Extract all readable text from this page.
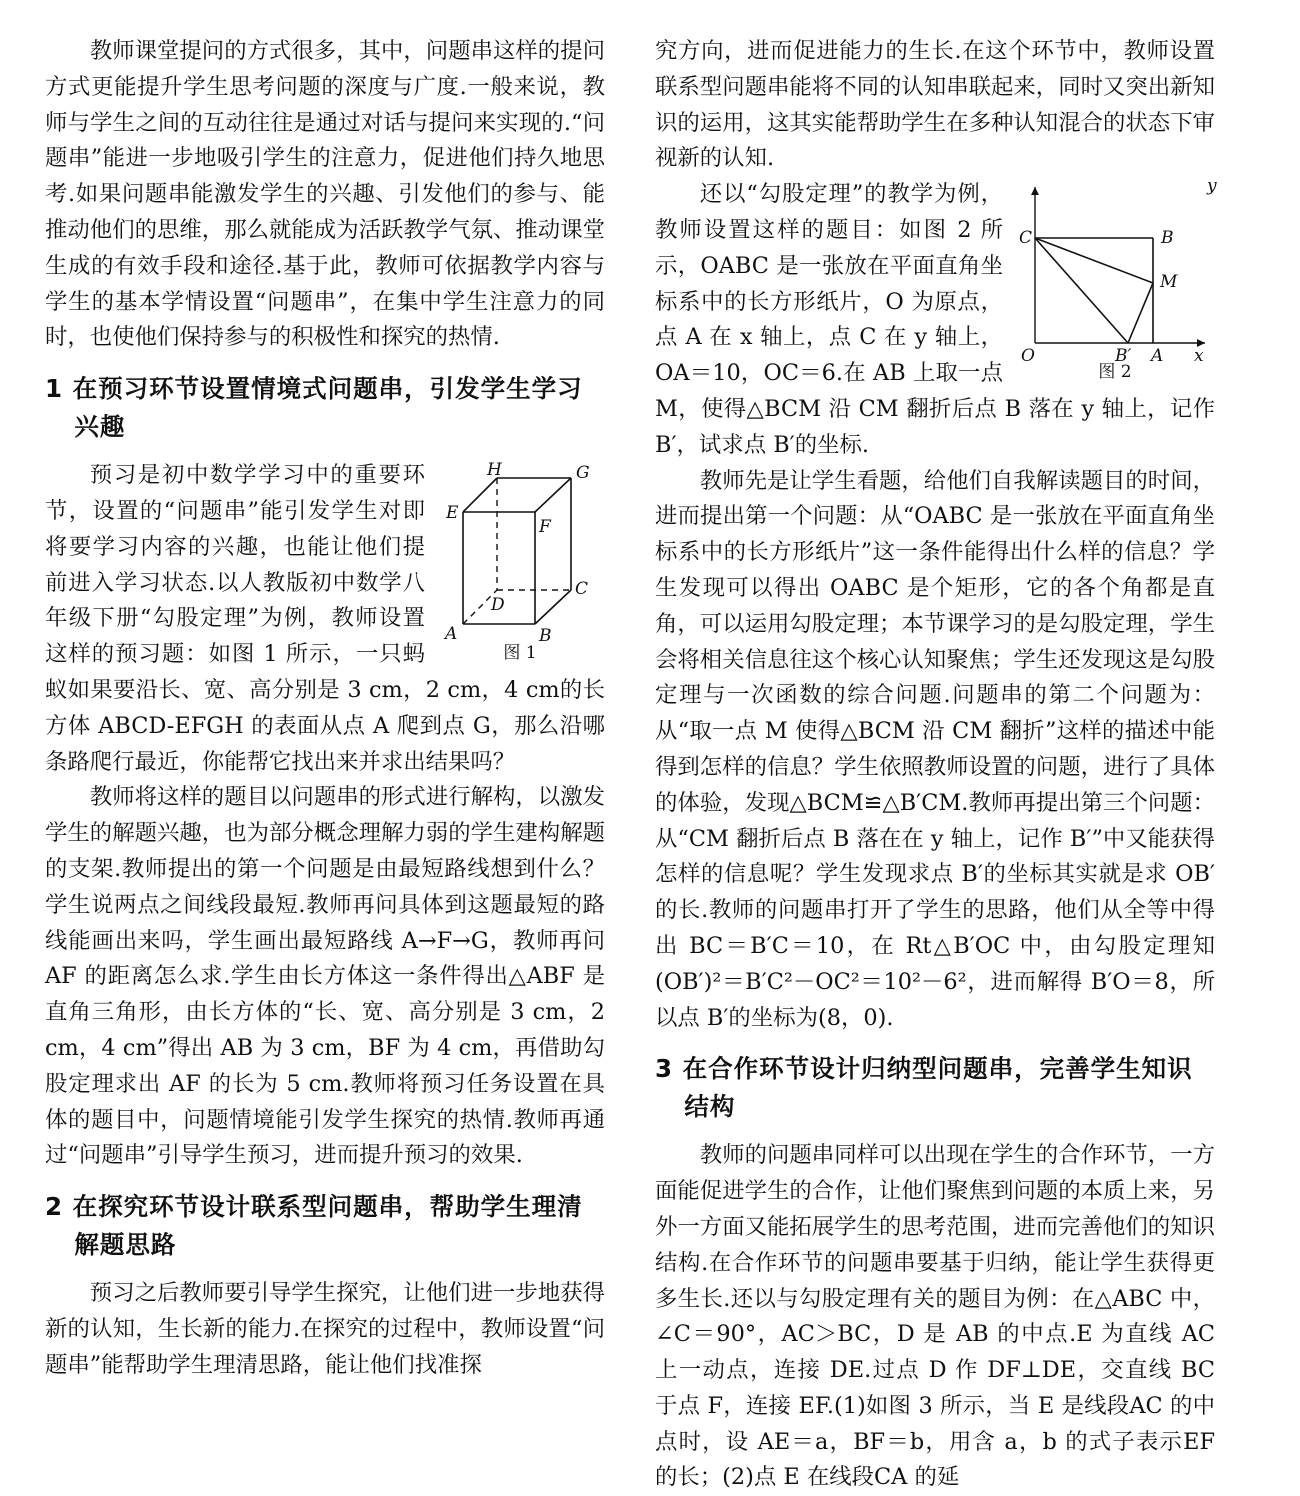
教师课堂提问的方式很多，其中，问题串这样的提问方式更能提升学生思考问题的深度与广度.一般来说，教师与学生之间的互动往往是通过对话与提问来实现的.“问题串”能进一步地吸引学生的注意力，促进他们持久地思考.如果问题串能激发学生的兴趣、引发他们的参与、能推动他们的思维，那么就能成为活跃教学气氛、推动课堂生成的有效手段和途径.基于此，教师可依据教学内容与学生的基本学情设置“问题串”，在集中学生注意力的同时，也使他们保持参与的积极性和探究的热情.

1 在预习环节设置情境式问题串，引发学生学习兴趣
H	G
E
F
C
D
A	B
图 1

预习是初中数学学习中的重要环节，设置的“问题串”能引发学生对即将要学习内容的兴趣，也能让他们提前进入学习状态.以人教版初中数学八年级下册“勾股定理”为例，教师设置这样的预习题：如图 1 所示，一只蚂蚁如果要沿长、宽、高分别是 3 cm，2 cm，4 cm的长方体 ABCD-EFGH 的表面从点 A 爬到点 G，那么沿哪条路爬行最近，你能帮它找出来并求出结果吗？

教师将这样的题目以问题串的形式进行解构，以激发学生的解题兴趣，也为部分概念理解力弱的学生建构解题的支架.教师提出的第一个问题是由最短路线想到什么？学生说两点之间线段最短.教师再问具体到这题最短的路线能画出来吗，学生画出最短路线 A→F→G，教师再问 AF 的距离怎么求.学生由长方体这一条件得出△ABF 是直角三角形，由长方体的“长、宽、高分别是 3 cm，2 cm，4 cm”得出 AB 为 3 cm，BF 为 4 cm，再借助勾股定理求出 AF 的长为 5 cm.教师将预习任务设置在具体的题目中，问题情境能引发学生探究的热情.教师再通过“问题串”引导学生预习，进而提升预习的效果.

2 在探究环节设计联系型问题串，帮助学生理清解题思路

预习之后教师要引导学生探究，让他们进一步地获得新的认知，生长新的能力.在探究的过程中，教师设置“问题串”能帮助学生理清思路，能让他们找准探

究方向，进而促进能力的生长.在这个环节中，教师设置联系型问题串能将不同的认知串联起来，同时又突出新知识的运用，这其实能帮助学生在多种认知混合的状态下审视新的认知.

y
x
C	B
M
O	B′ A
图 2

还以“勾股定理”的教学为例，教师设置这样的题目：如图 2 所示，OABC 是一张放在平面直角坐标系中的长方形纸片，O 为原点，点 A 在 x 轴上，点 C 在 y 轴上，OA＝10，OC＝6.在 AB 上取一点 M，使得△BCM 沿 CM 翻折后点 B 落在 y 轴上，记作 B′，试求点 B′的坐标.

教师先是让学生看题，给他们自我解读题目的时间，进而提出第一个问题：从“OABC 是一张放在平面直角坐标系中的长方形纸片”这一条件能得出什么样的信息？学生发现可以得出 OABC 是个矩形，它的各个角都是直角，可以运用勾股定理；本节课学习的是勾股定理，学生会将相关信息往这个核心认知聚焦；学生还发现这是勾股定理与一次函数的综合问题.问题串的第二个问题为：从“取一点 M 使得△BCM 沿 CM 翻折”这样的描述中能得到怎样的信息？学生依照教师设置的问题，进行了具体的体验，发现△BCM≌△B′CM.教师再提出第三个问题：从“CM 翻折后点 B 落在在 y 轴上，记作 B′”中又能获得怎样的信息呢？学生发现求点 B′的坐标其实就是求 OB′的长.教师的问题串打开了学生的思路，他们从全等中得出 BC＝B′C＝10，在 Rt△B′OC 中，由勾股定理知(OB′)²＝B′C²－OC²＝10²－6²，进而解得 B′O＝8，所以点 B′的坐标为(8，0).

3 在合作环节设计归纳型问题串，完善学生知识结构

教师的问题串同样可以出现在学生的合作环节，一方面能促进学生的合作，让他们聚焦到问题的本质上来，另外一方面又能拓展学生的思考范围，进而完善他们的知识结构.在合作环节的问题串要基于归纳，能让学生获得更多生长.还以与勾股定理有关的题目为例：在△ABC 中，∠C＝90°，AC＞BC，D 是 AB 的中点.E 为直线 AC 上一动点，连接 DE.过点 D 作 DF⊥DE，交直线 BC 于点 F，连接 EF.(1)如图 3 所示，当 E 是线段AC 的中点时，设 AE＝a，BF＝b，用含 a，b 的式子表示EF 的长；(2)点 E 在线段CA 的延
